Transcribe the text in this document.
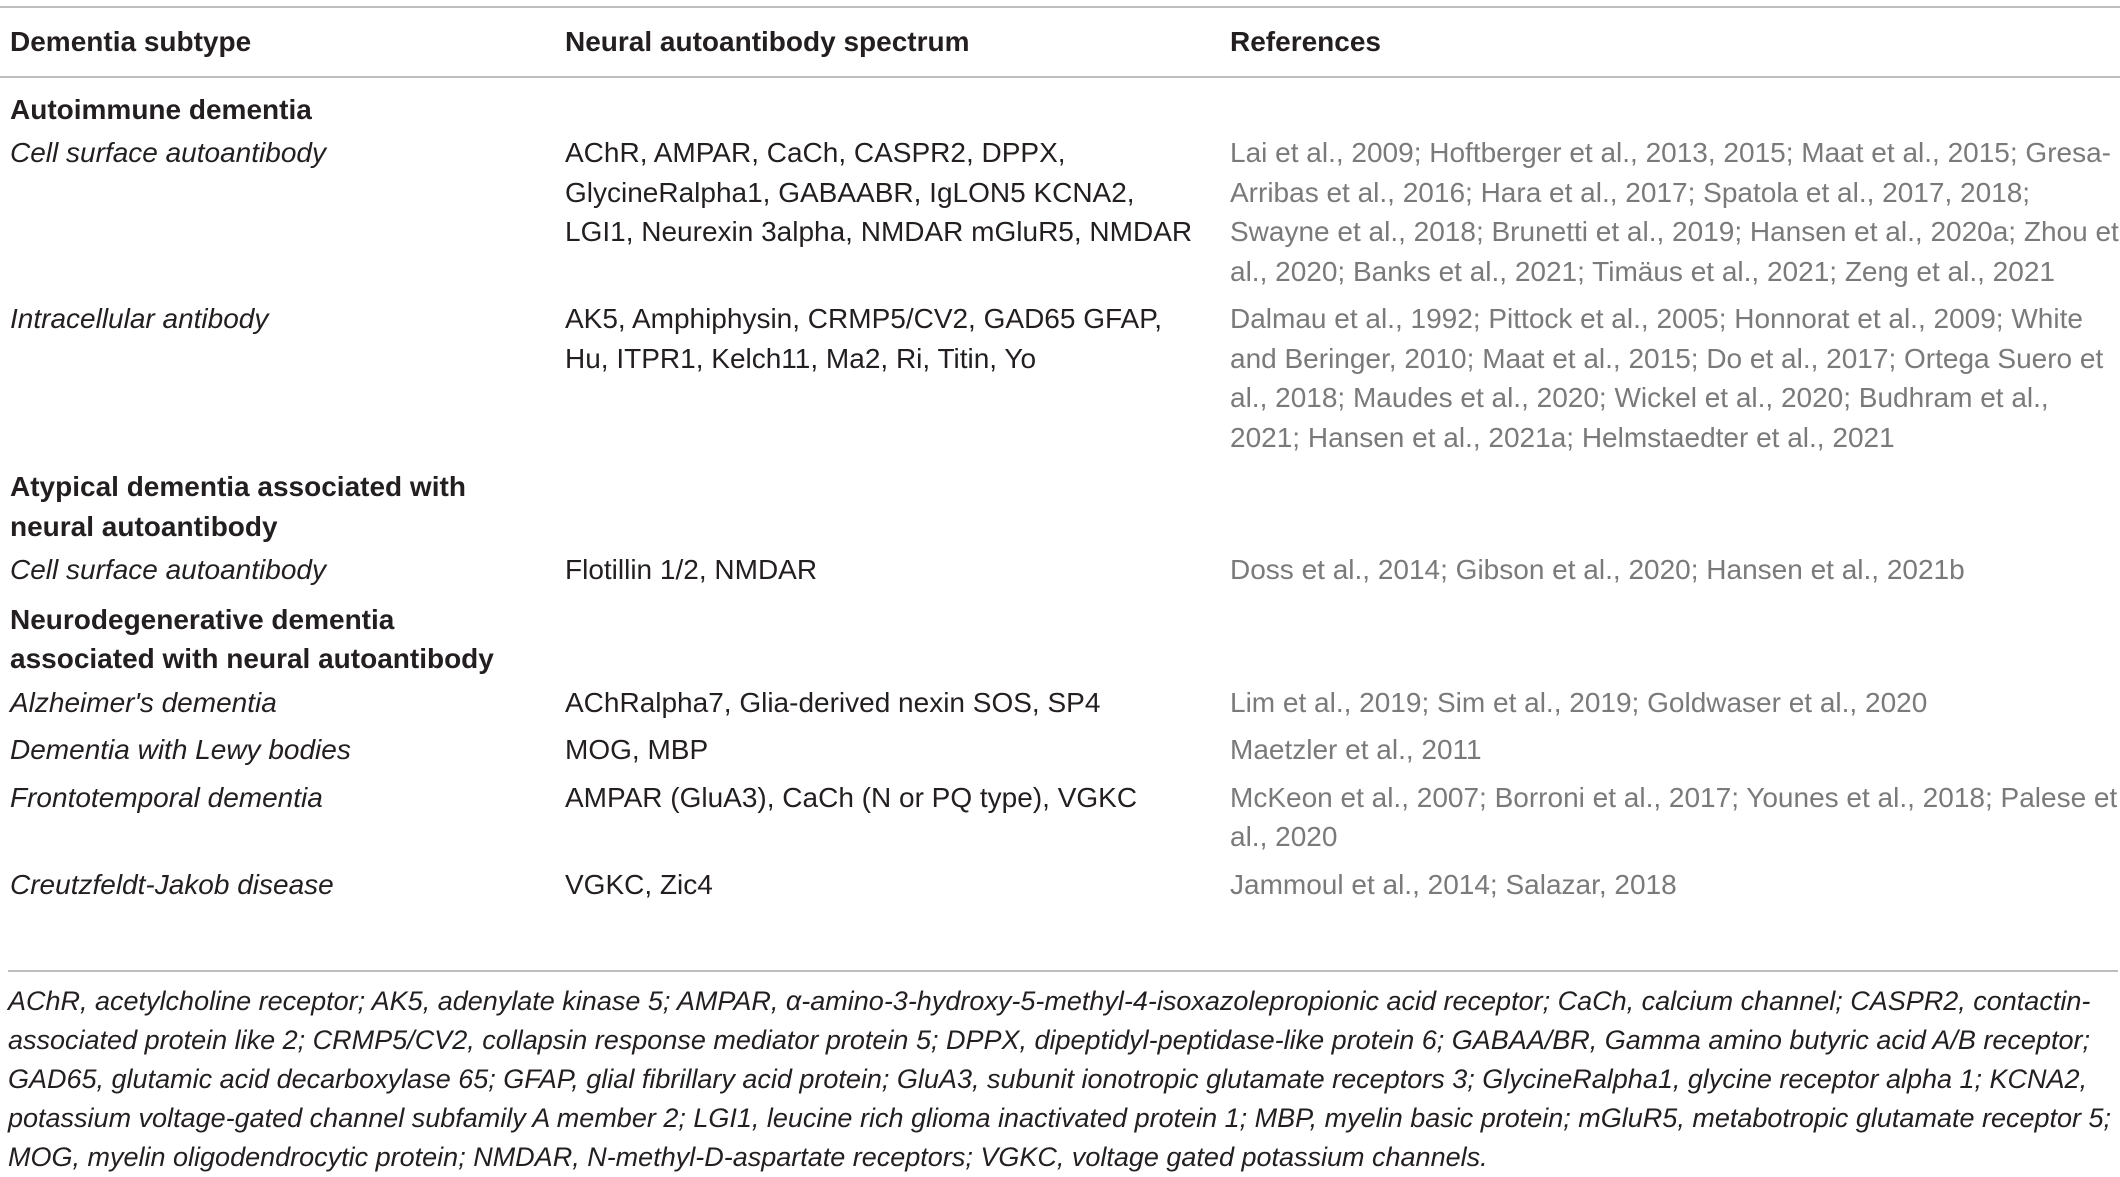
Dementia subtype	Neural autoantibody spectrum	References
Autoimmune dementia		
Cell surface autoantibody	AChR, AMPAR, CaCh, CASPR2, DPPX, GlycineRalpha1, GABAABR, IgLON5 KCNA2, LGI1, Neurexin 3alpha, NMDAR mGluR5, NMDAR	Lai et al., 2009; Hoftberger et al., 2013, 2015; Maat et al., 2015; Gresa-Arribas et al., 2016; Hara et al., 2017; Spatola et al., 2017, 2018; Swayne et al., 2018; Brunetti et al., 2019; Hansen et al., 2020a; Zhou et al., 2020; Banks et al., 2021; Timäus et al., 2021; Zeng et al., 2021
Intracellular antibody	AK5, Amphiphysin, CRMP5/CV2, GAD65 GFAP, Hu, ITPR1, Kelch11, Ma2, Ri, Titin, Yo	Dalmau et al., 1992; Pittock et al., 2005; Honnorat et al., 2009; White and Beringer, 2010; Maat et al., 2015; Do et al., 2017; Ortega Suero et al., 2018; Maudes et al., 2020; Wickel et al., 2020; Budhram et al., 2021; Hansen et al., 2021a; Helmstaedter et al., 2021
Atypical dementia associated with neural autoantibody		
Cell surface autoantibody	Flotillin 1/2, NMDAR	Doss et al., 2014; Gibson et al., 2020; Hansen et al., 2021b
Neurodegenerative dementia associated with neural autoantibody		
Alzheimer's dementia	AChRalpha7, Glia-derived nexin SOS, SP4	Lim et al., 2019; Sim et al., 2019; Goldwaser et al., 2020
Dementia with Lewy bodies	MOG, MBP	Maetzler et al., 2011
Frontotemporal dementia	AMPAR (GluA3), CaCh (N or PQ type), VGKC	McKeon et al., 2007; Borroni et al., 2017; Younes et al., 2018; Palese et al., 2020
Creutzfeldt-Jakob disease	VGKC, Zic4	Jammoul et al., 2014; Salazar, 2018
AChR, acetylcholine receptor; AK5, adenylate kinase 5; AMPAR, α-amino-3-hydroxy-5-methyl-4-isoxazolepropionic acid receptor; CaCh, calcium channel; CASPR2, contactin-associated protein like 2; CRMP5/CV2, collapsin response mediator protein 5; DPPX, dipeptidyl-peptidase-like protein 6; GABAA/BR, Gamma amino butyric acid A/B receptor; GAD65, glutamic acid decarboxylase 65; GFAP, glial fibrillary acid protein; GluA3, subunit ionotropic glutamate receptors 3; GlycineRalpha1, glycine receptor alpha 1; KCNA2, potassium voltage-gated channel subfamily A member 2; LGI1, leucine rich glioma inactivated protein 1; MBP, myelin basic protein; mGluR5, metabotropic glutamate receptor 5; MOG, myelin oligodendrocytic protein; NMDAR, N-methyl-D-aspartate receptors; VGKC, voltage gated potassium channels.
